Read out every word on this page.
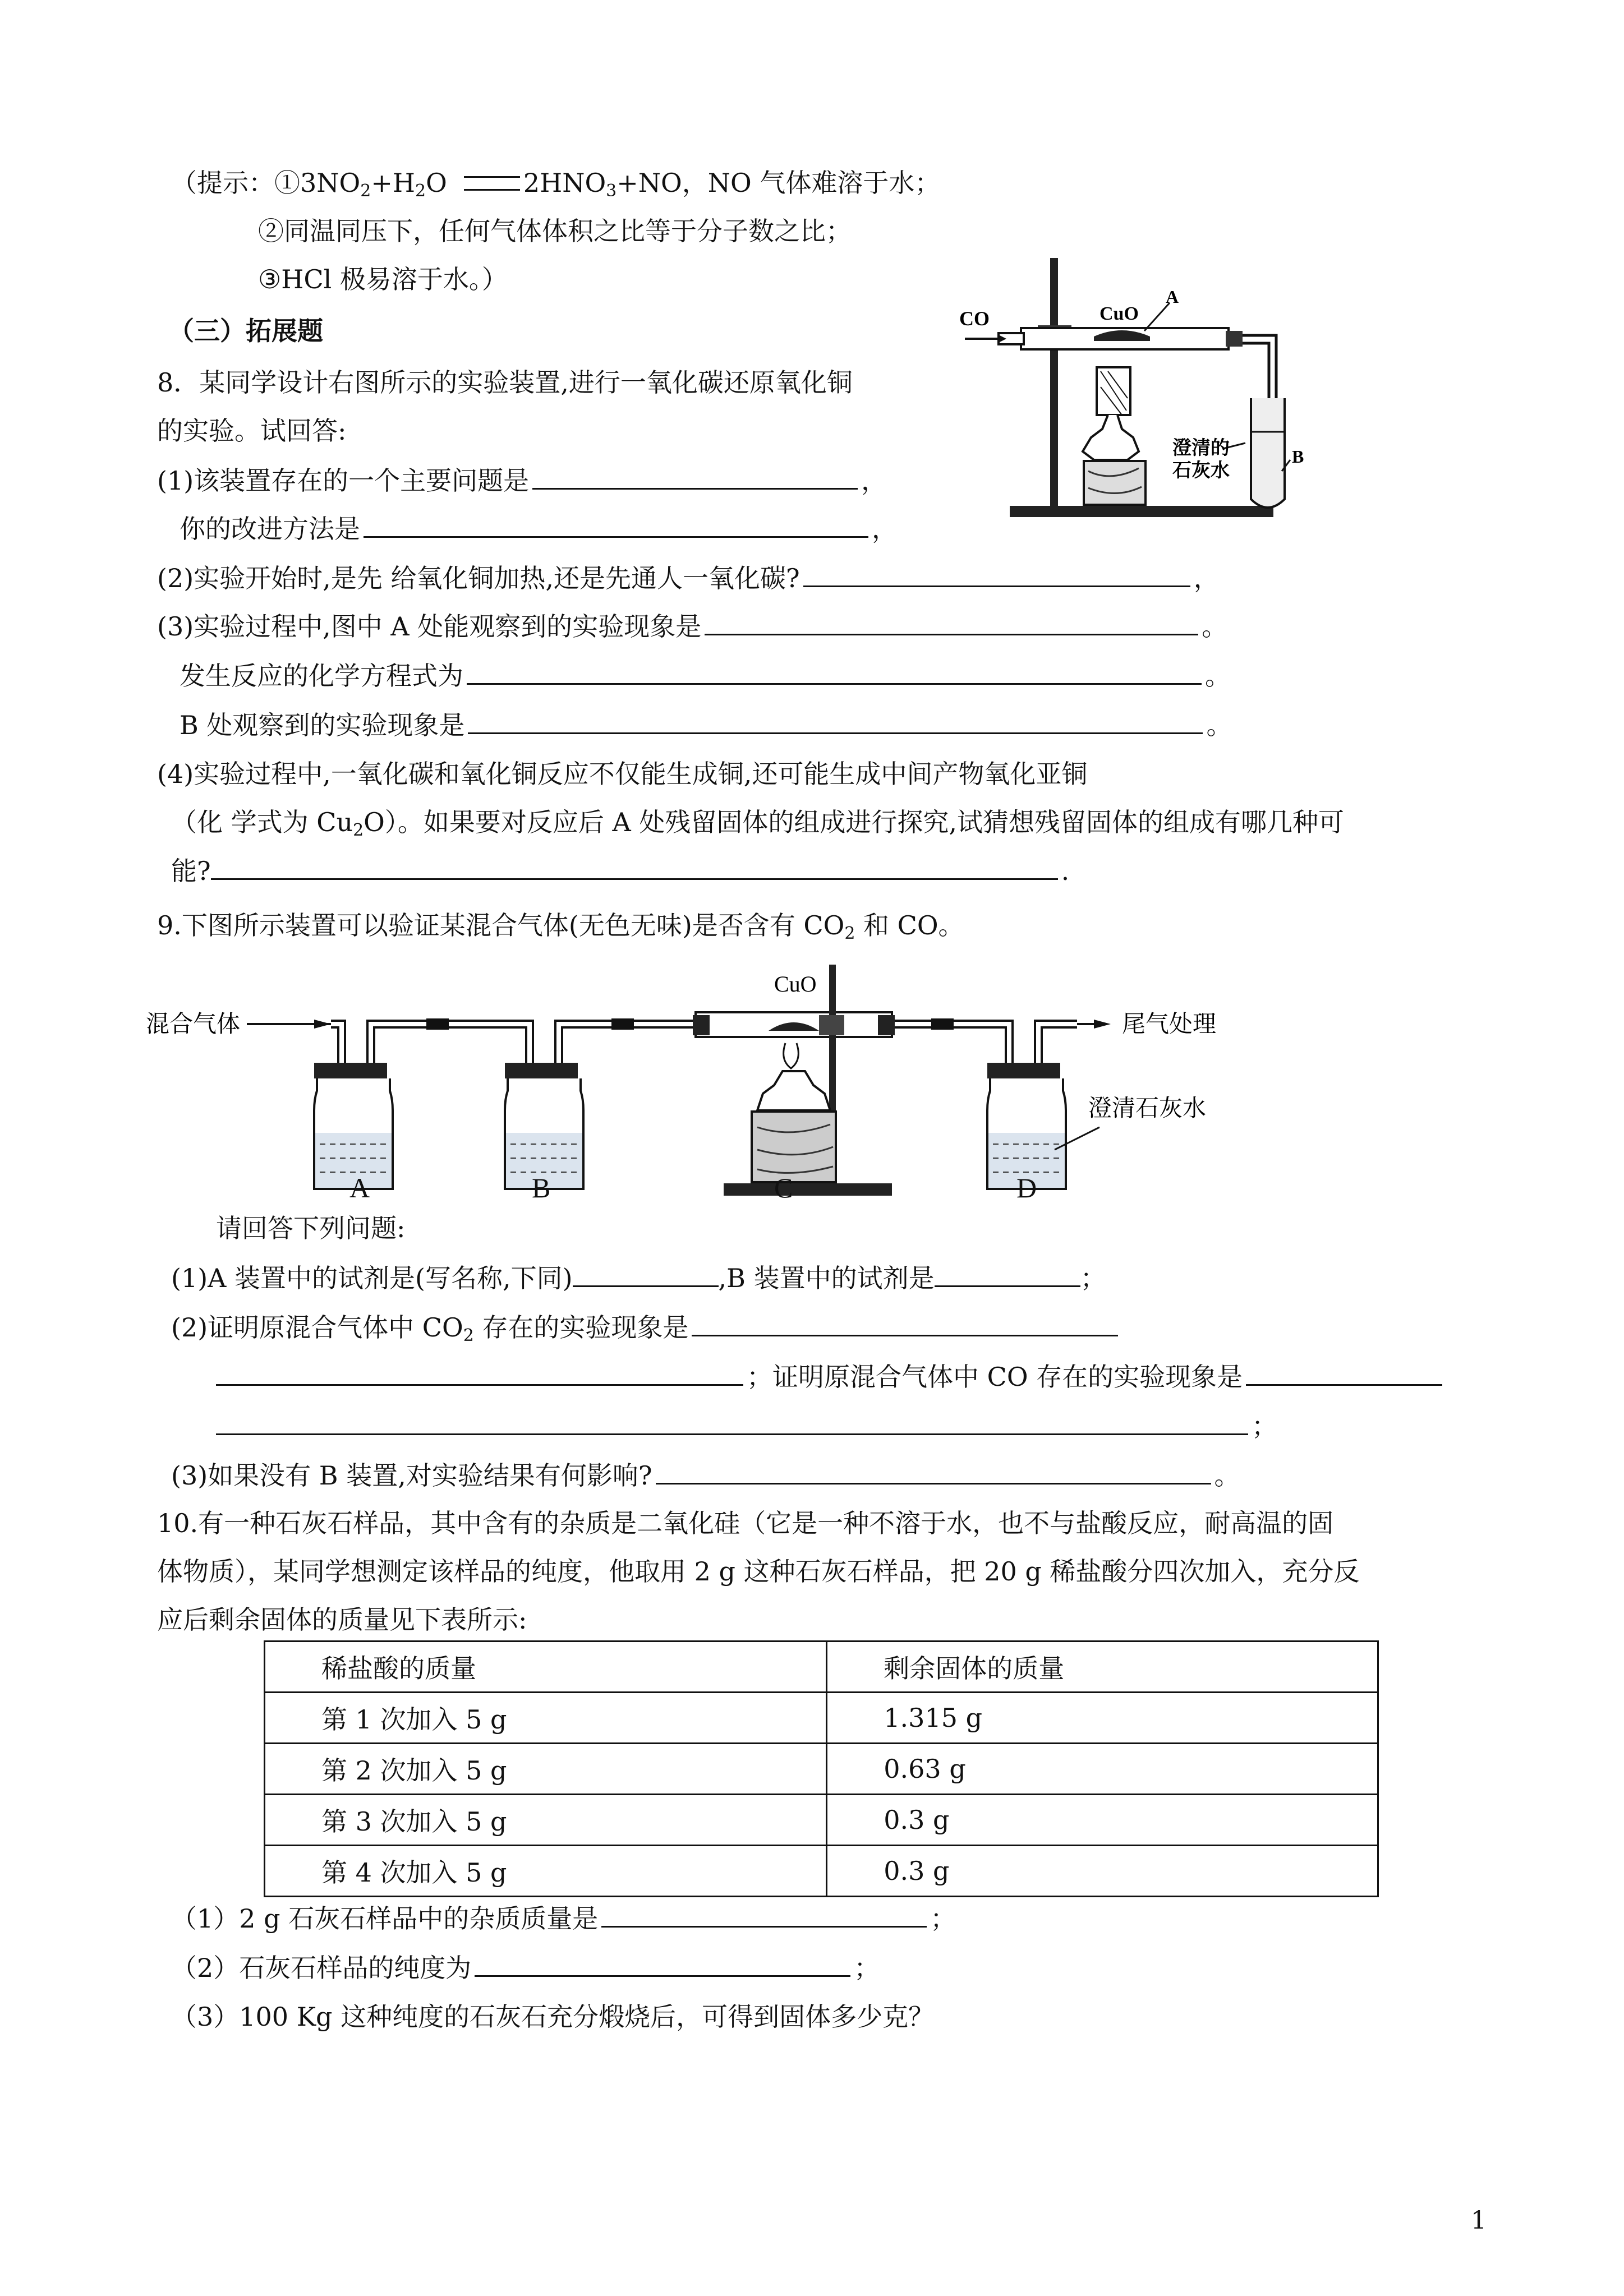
（提示：$①3NO_2+H_2O$	$2HNO_3+NO$，NO 气体难溶于水；
②同温同压下，任何气体体积之比等于分子数之比；
③HCl 极易溶于水。）
（三）拓展题
8．某同学设计右图所示的实验装置,进行一氧化碳还原氧化铜
的实验。试回答:
(1)该装置存在的一个主要问题是	，
你的改进方法是	，
(2)实验开始时,是先 给氧化铜加热,还是先通人一氧化碳?	，
(3)实验过程中,图中 A 处能观察到的实验现象是	。
发生反应的化学方程式为	。
B 处观察到的实验现象是	。
(4)实验过程中,一氧化碳和氧化铜反应不仅能生成铜,还可能生成中间产物氧化亚铜
（化 学式为 $Cu_2O$）。如果要对反应后 A 处残留固体的组成进行探究,试猜想残留固体的组成有哪几种可
能?	.
CO	CuO
A
澄清的
石灰水
B
9.下图所示装置可以验证某混合气体(无色无味)是否含有 $CO_2$ 和 CO。
混合气体
CuO
尾气处理
澄清石灰水
A	B	C	D
请回答下列问题:
(1)A 装置中的试剂是(写名称,下同)	,B 装置中的试剂是	；
(2)证明原混合气体中 $CO_2$ 存在的实验现象是
；证明原混合气体中 CO 存在的实验现象是
；
(3)如果没有 B 装置,对实验结果有何影响?	。
10.有一种石灰石样品，其中含有的杂质是二氧化硅（它是一种不溶于水，也不与盐酸反应，耐高温的固
体物质），某同学想测定该样品的纯度，他取用 2 g 这种石灰石样品，把 20 g 稀盐酸分四次加入，充分反
应后剩余固体的质量见下表所示:
稀盐酸的质量	剩余固体的质量
第 1 次加入 5 g	1.315 g
第 2 次加入 5 g	0.63 g
第 3 次加入 5 g	0.3 g
第 4 次加入 5 g	0.3 g
（1）2 g 石灰石样品中的杂质质量是	；
（2）石灰石样品的纯度为	；
（3）100 Kg 这种纯度的石灰石充分煅烧后，可得到固体多少克？
1
